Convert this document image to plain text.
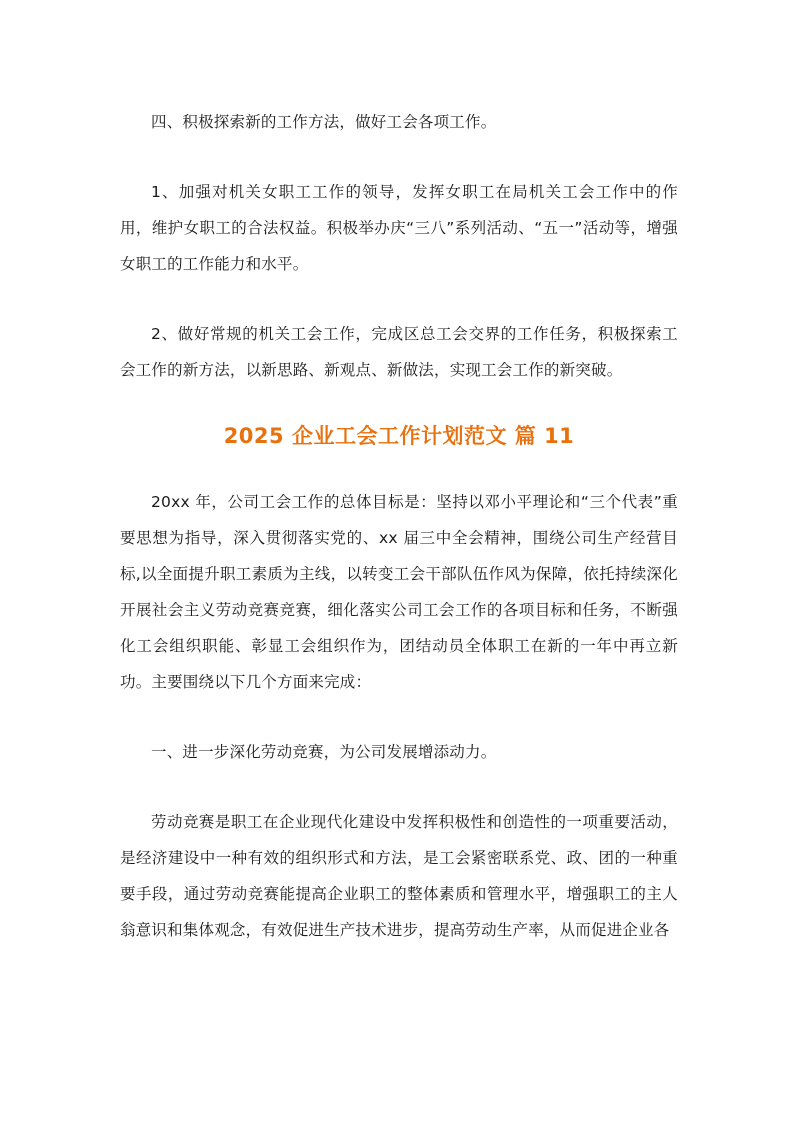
四、积极探索新的工作方法，做好工会各项工作。

1、加强对机关女职工工作的领导，发挥女职工在局机关工会工作中的作用，维护女职工的合法权益。积极举办庆“三八”系列活动、“五一”活动等，增强女职工的工作能力和水平。

2、做好常规的机关工会工作，完成区总工会交界的工作任务，积极探索工会工作的新方法，以新思路、新观点、新做法，实现工会工作的新突破。

2025 企业工会工作计划范文 篇 11

20xx 年，公司工会工作的总体目标是：坚持以邓小平理论和“三个代表”重要思想为指导，深入贯彻落实党的、xx 届三中全会精神，围绕公司生产经营目标,以全面提升职工素质为主线，以转变工会干部队伍作风为保障，依托持续深化开展社会主义劳动竞赛竞赛，细化落实公司工会工作的各项目标和任务，不断强化工会组织职能、彰显工会组织作为，团结动员全体职工在新的一年中再立新功。主要围绕以下几个方面来完成：

一、进一步深化劳动竞赛，为公司发展增添动力。

劳动竞赛是职工在企业现代化建设中发挥积极性和创造性的一项重要活动，是经济建设中一种有效的组织形式和方法，是工会紧密联系党、政、团的一种重要手段，通过劳动竞赛能提高企业职工的整体素质和管理水平，增强职工的主人翁意识和集体观念，有效促进生产技术进步，提高劳动生产率，从而促进企业各
